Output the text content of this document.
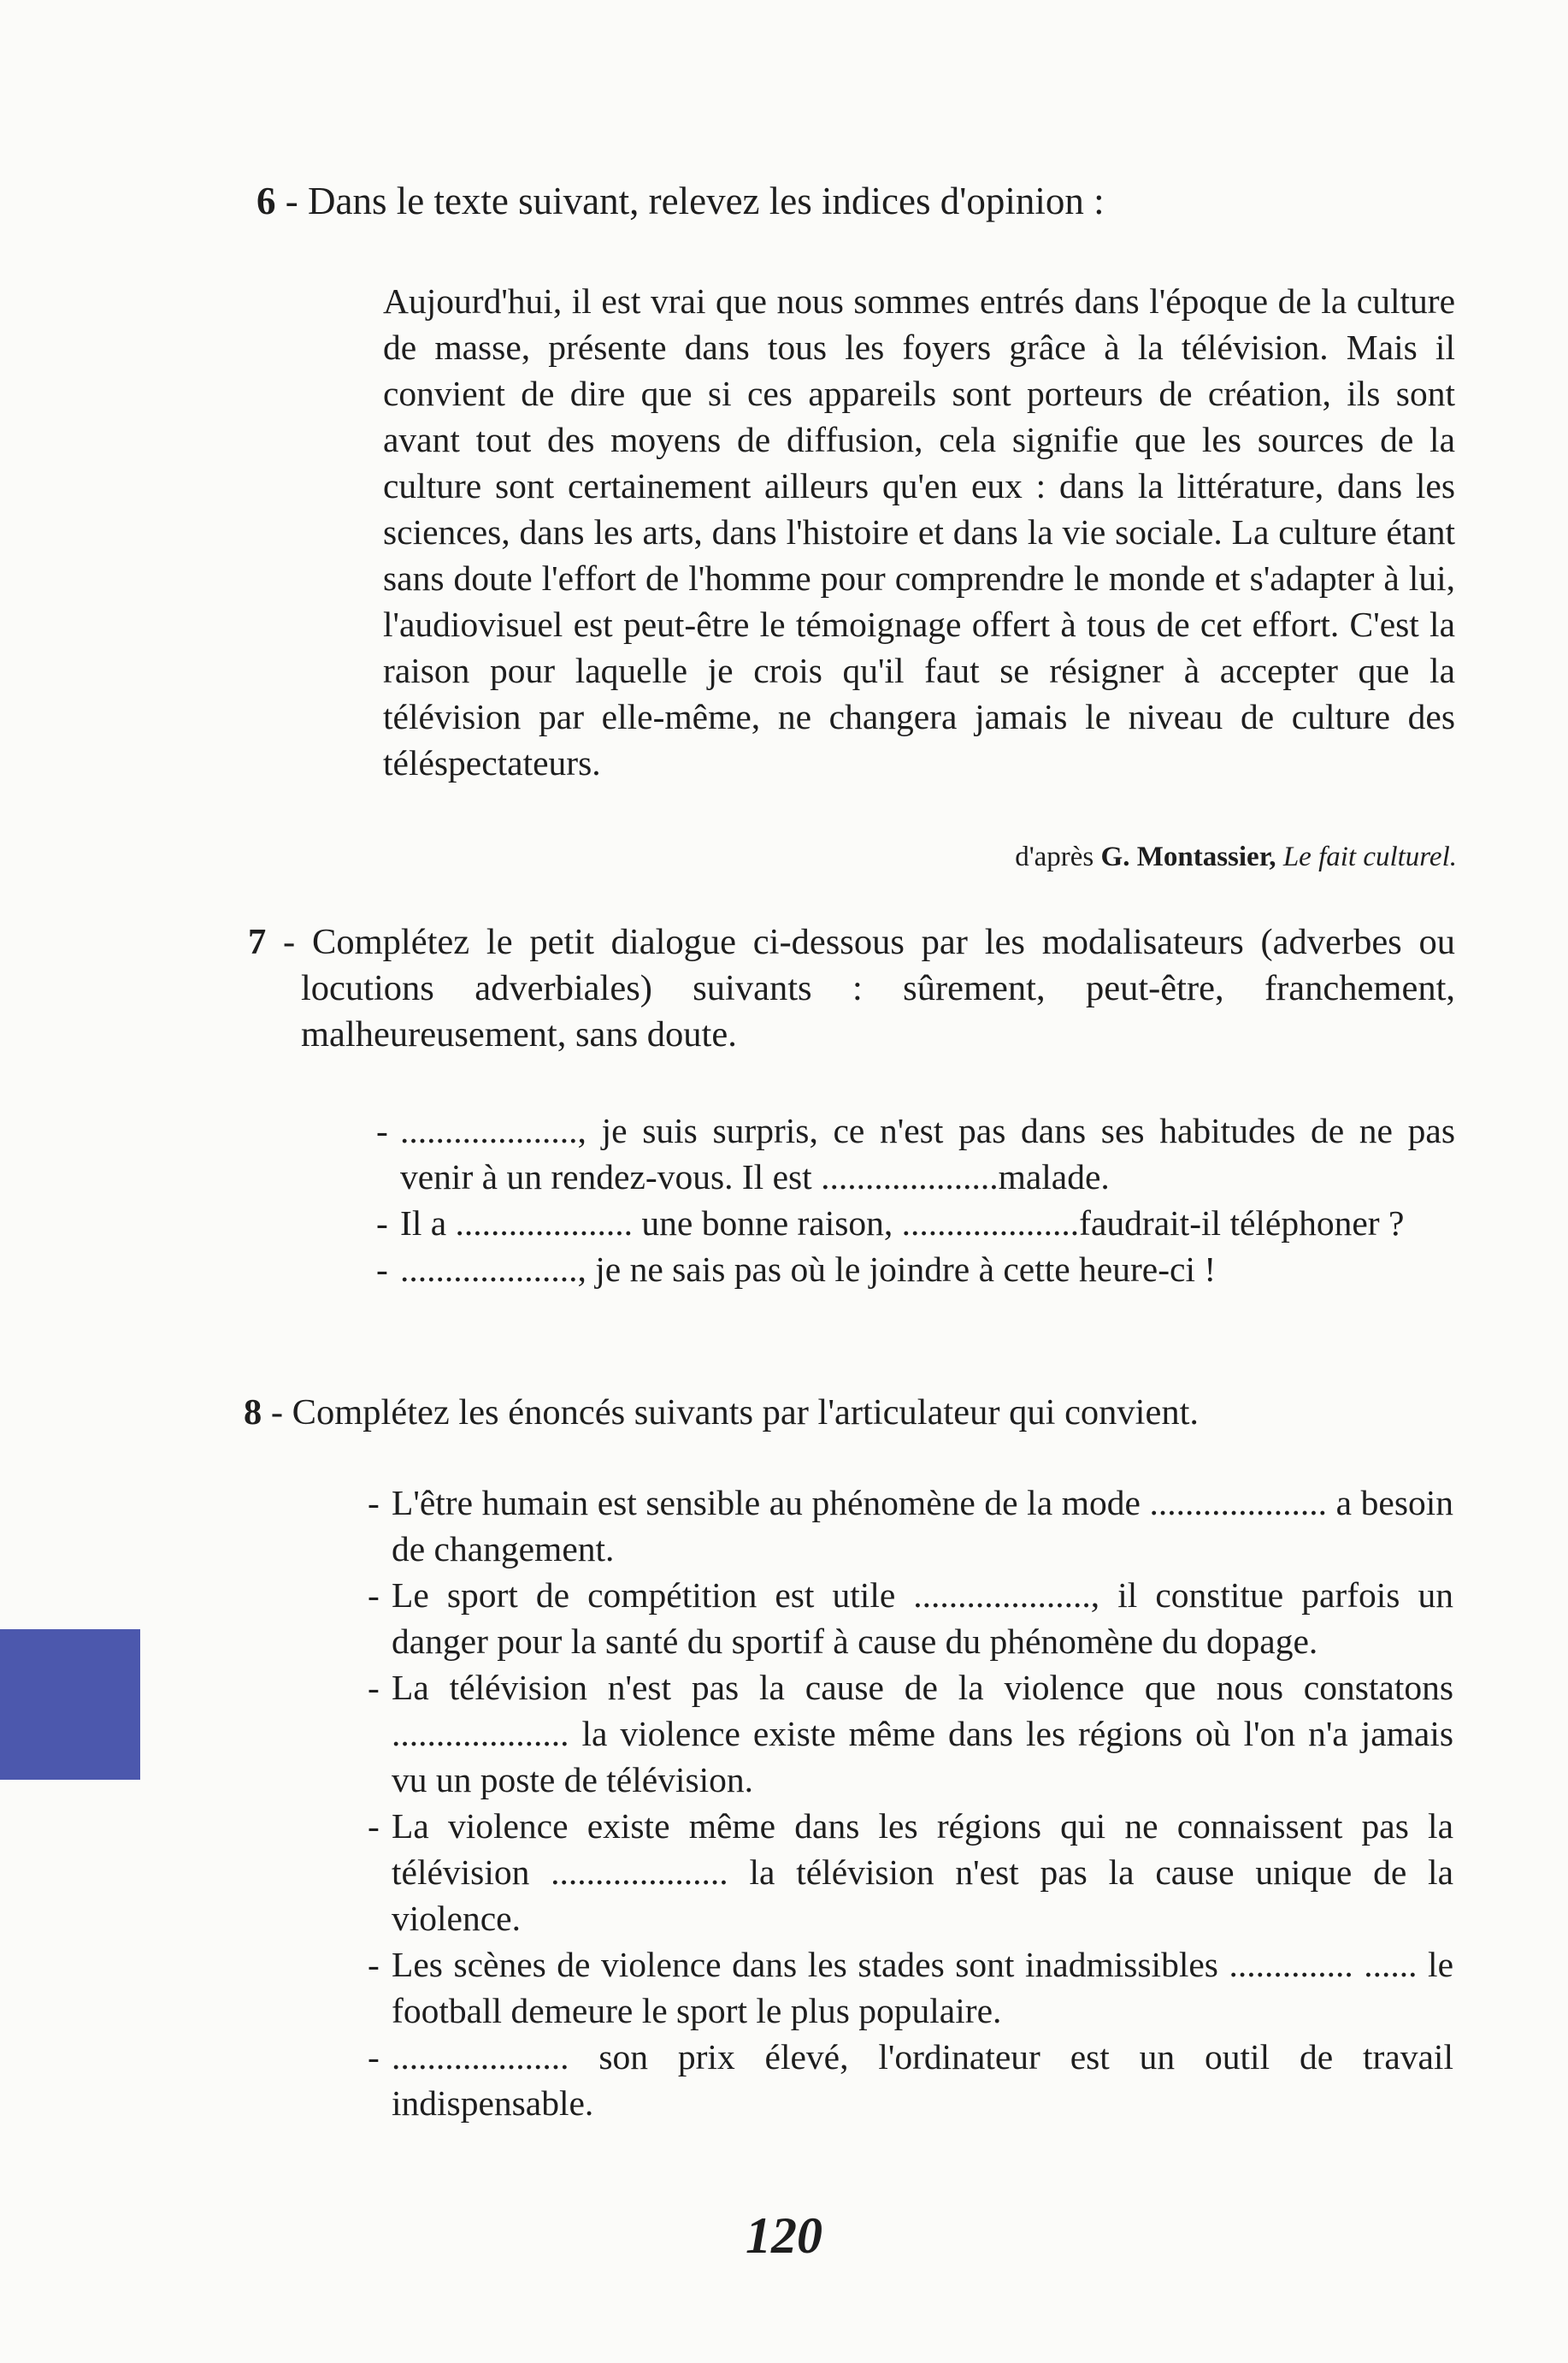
6 - Dans le texte suivant, relevez les indices d'opinion :

Aujourd'hui, il est vrai que nous sommes entrés dans l'époque de la culture de masse, présente dans tous les foyers grâce à la télévision. Mais il convient de dire que si ces appareils sont porteurs de création, ils sont avant tout des moyens de diffusion, cela signifie que les sources de la culture sont certainement ailleurs qu'en eux : dans la littérature, dans les sciences, dans les arts, dans l'histoire et dans la vie sociale. La culture étant sans doute l'effort de l'homme pour comprendre le monde et s'adapter à lui, l'audiovisuel est peut-être le témoignage offert à tous de cet effort. C'est la raison pour laquelle je crois qu'il faut se résigner à accepter que la télévision par elle-même, ne changera jamais le niveau de culture des téléspectateurs.

d'après G. Montassier, Le fait culturel.
7 - Complétez le petit dialogue ci-dessous par les modalisateurs (adverbes ou locutions adverbiales) suivants : sûrement, peut-être, franchement, malheureusement, sans doute.
- ...................., je suis surpris, ce n'est pas dans ses habitudes de ne pas venir à un rendez-vous. Il est ....................malade.
- Il a .................... une bonne raison, ....................faudrait-il téléphoner ?
- ...................., je ne sais pas où le joindre à cette heure-ci !
8 - Complétez les énoncés suivants par l'articulateur qui convient.
- L'être humain est sensible au phénomène de la mode .................... a besoin de changement.
- Le sport de compétition est utile ...................., il constitue parfois un danger pour la santé du sportif à cause du phénomène du dopage.
- La télévision n'est pas la cause de la violence que nous constatons .................... la violence existe même dans les régions où l'on n'a jamais vu un poste de télévision.
- La violence existe même dans les régions qui ne connaissent pas la télévision .................... la télévision n'est pas la cause unique de la violence.
- Les scènes de violence dans les stades sont inadmissibles .............. ...... le football demeure le sport le plus populaire.
- .................... son prix élevé, l'ordinateur est un outil de travail indispensable.
120
